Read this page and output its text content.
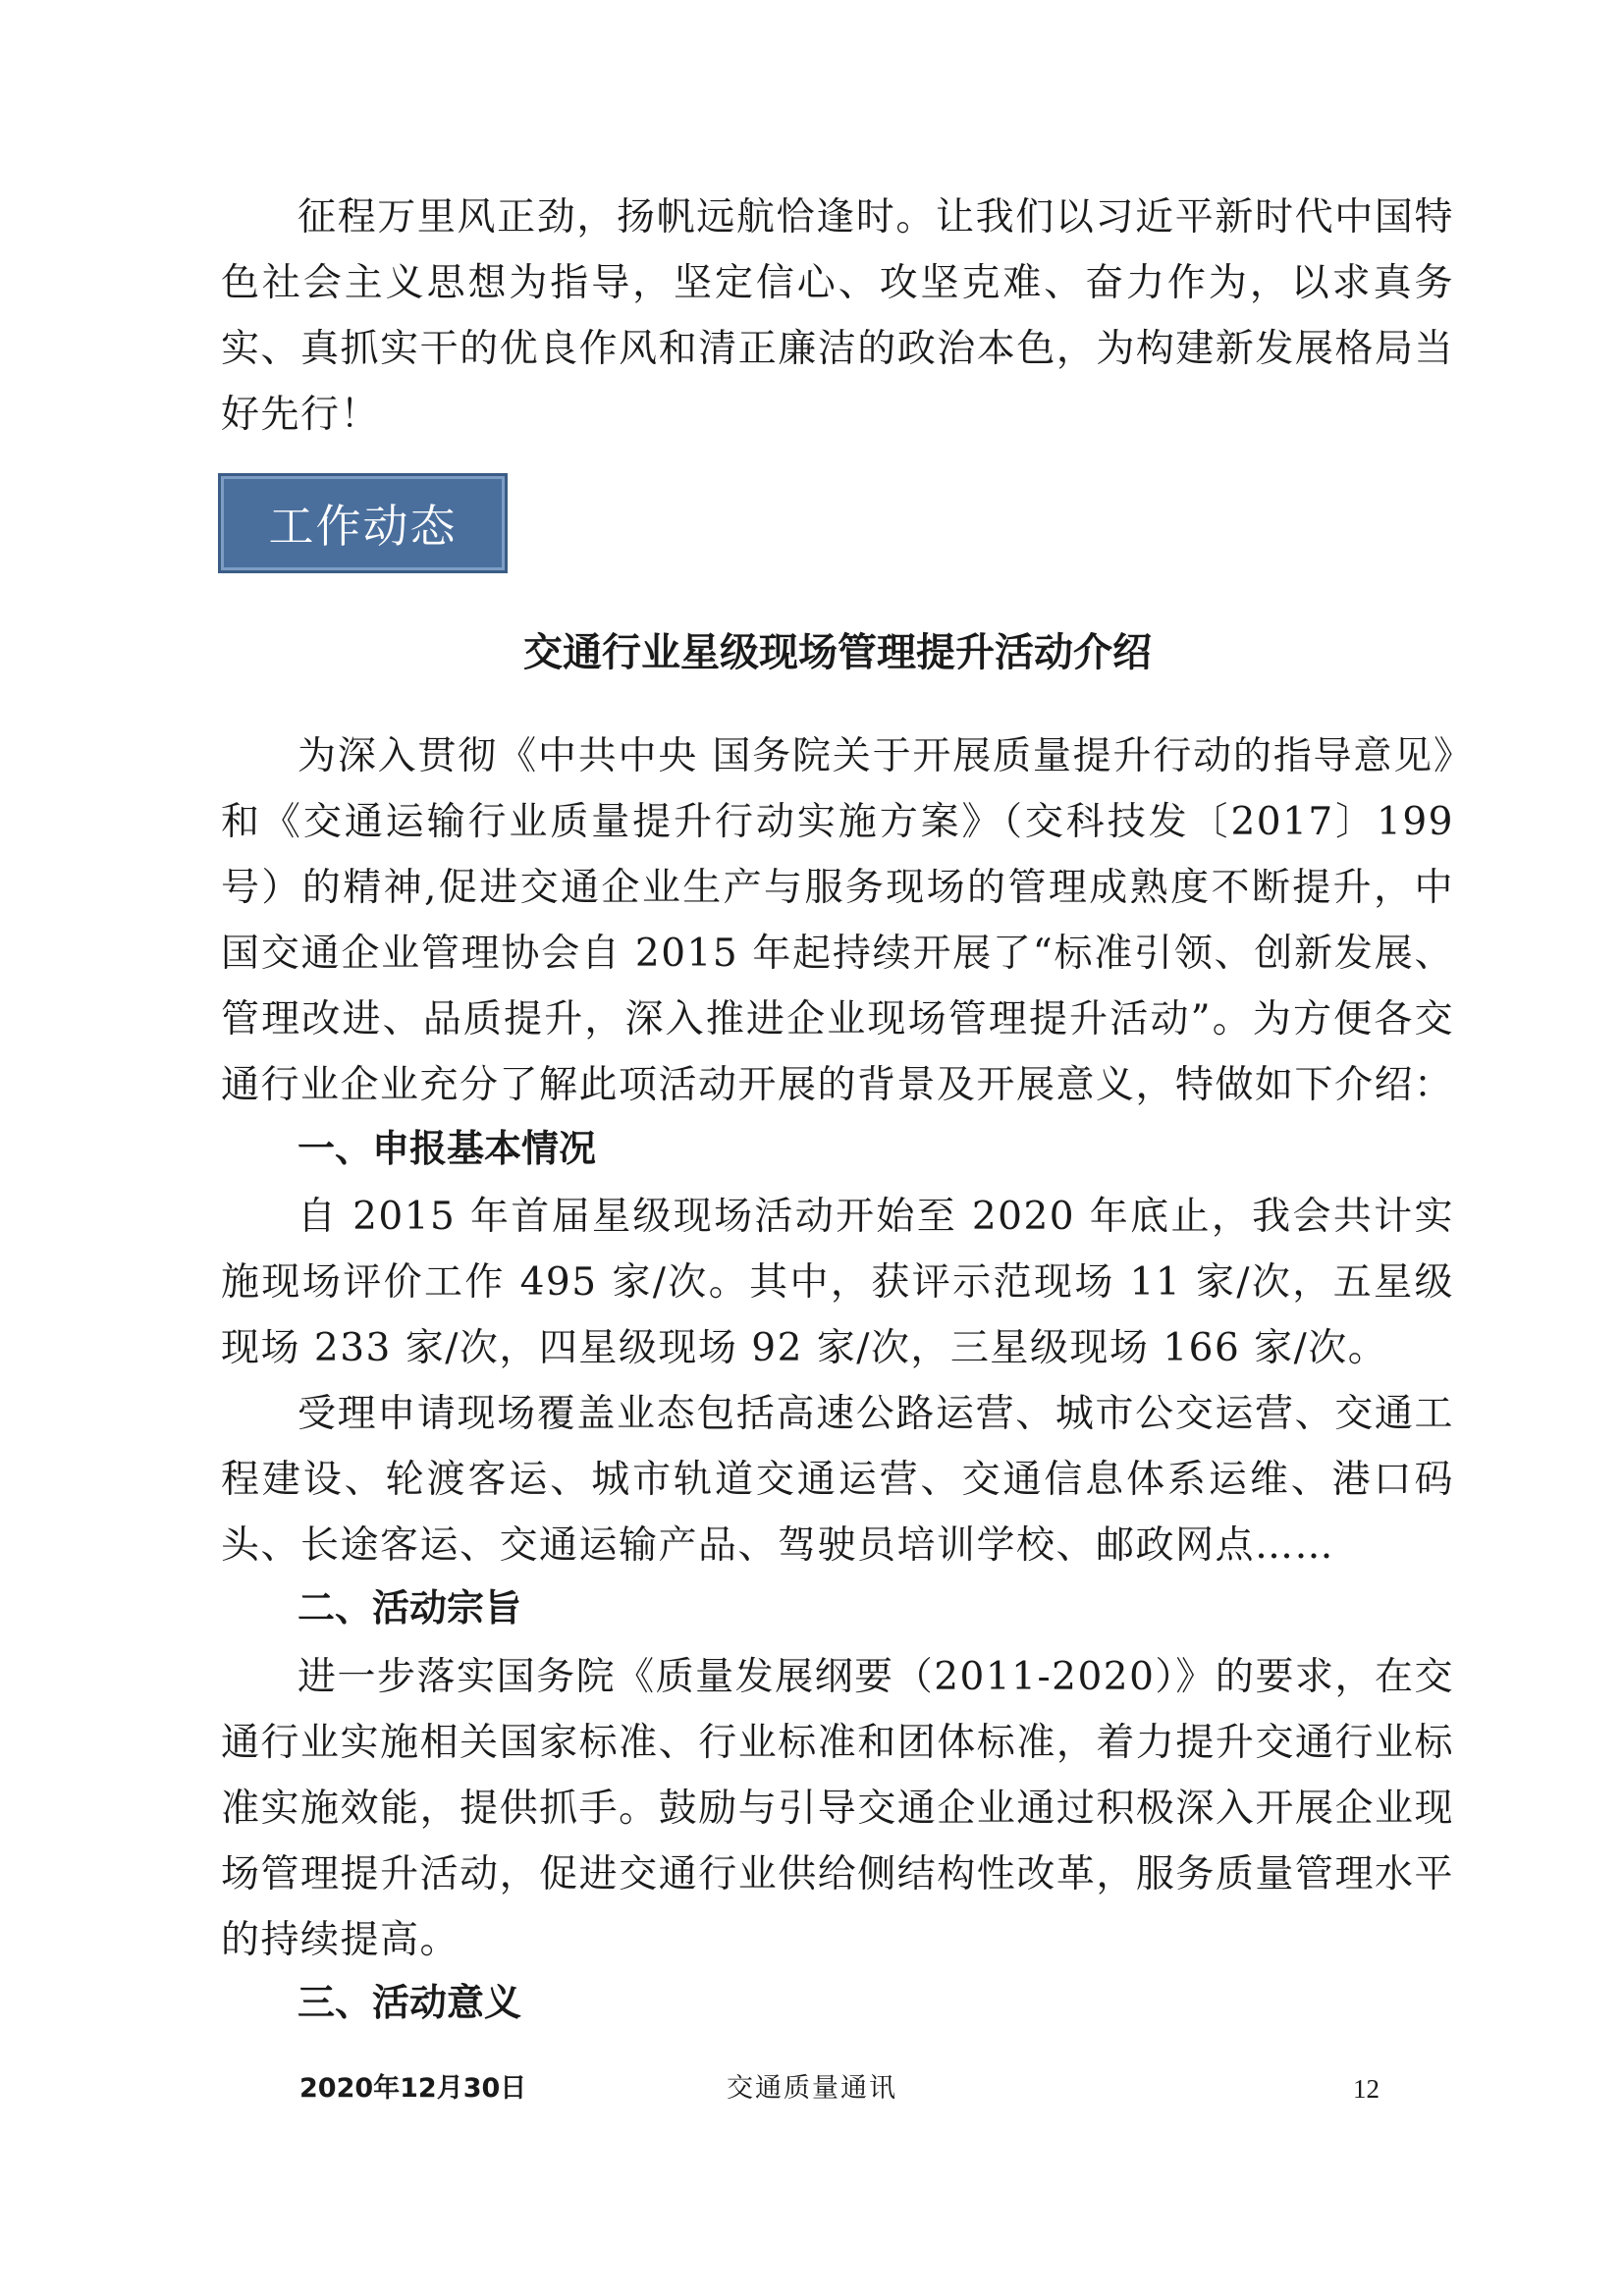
征程万里风正劲，扬帆远航恰逢时。让我们以习近平新时代中国特色社会主义思想为指导，坚定信心、攻坚克难、奋力作为，以求真务实、真抓实干的优良作风和清正廉洁的政治本色，为构建新发展格局当好先行！

工作动态
交通行业星级现场管理提升活动介绍

为深入贯彻《中共中央 国务院关于开展质量提升行动的指导意见》和《交通运输行业质量提升行动实施方案》（交科技发〔2017〕199 号）的精神,促进交通企业生产与服务现场的管理成熟度不断提升，中国交通企业管理协会自 2015 年起持续开展了“标准引领、创新发展、管理改进、品质提升，深入推进企业现场管理提升活动”。为方便各交通行业企业充分了解此项活动开展的背景及开展意义，特做如下介绍：

一、申报基本情况

自 2015 年首届星级现场活动开始至 2020 年底止，我会共计实施现场评价工作 495 家/次。其中，获评示范现场 11 家/次，五星级现场 233 家/次，四星级现场 92 家/次，三星级现场 166 家/次。

受理申请现场覆盖业态包括高速公路运营、城市公交运营、交通工程建设、轮渡客运、城市轨道交通运营、交通信息体系运维、港口码头、长途客运、交通运输产品、驾驶员培训学校、邮政网点……

二、活动宗旨

进一步落实国务院《质量发展纲要（2011-2020）》的要求，在交通行业实施相关国家标准、行业标准和团体标准，着力提升交通行业标准实施效能，提供抓手。鼓励与引导交通企业通过积极深入开展企业现场管理提升活动，促进交通行业供给侧结构性改革，服务质量管理水平的持续提高。

三、活动意义
2020年12月30日	交通质量通讯	12
